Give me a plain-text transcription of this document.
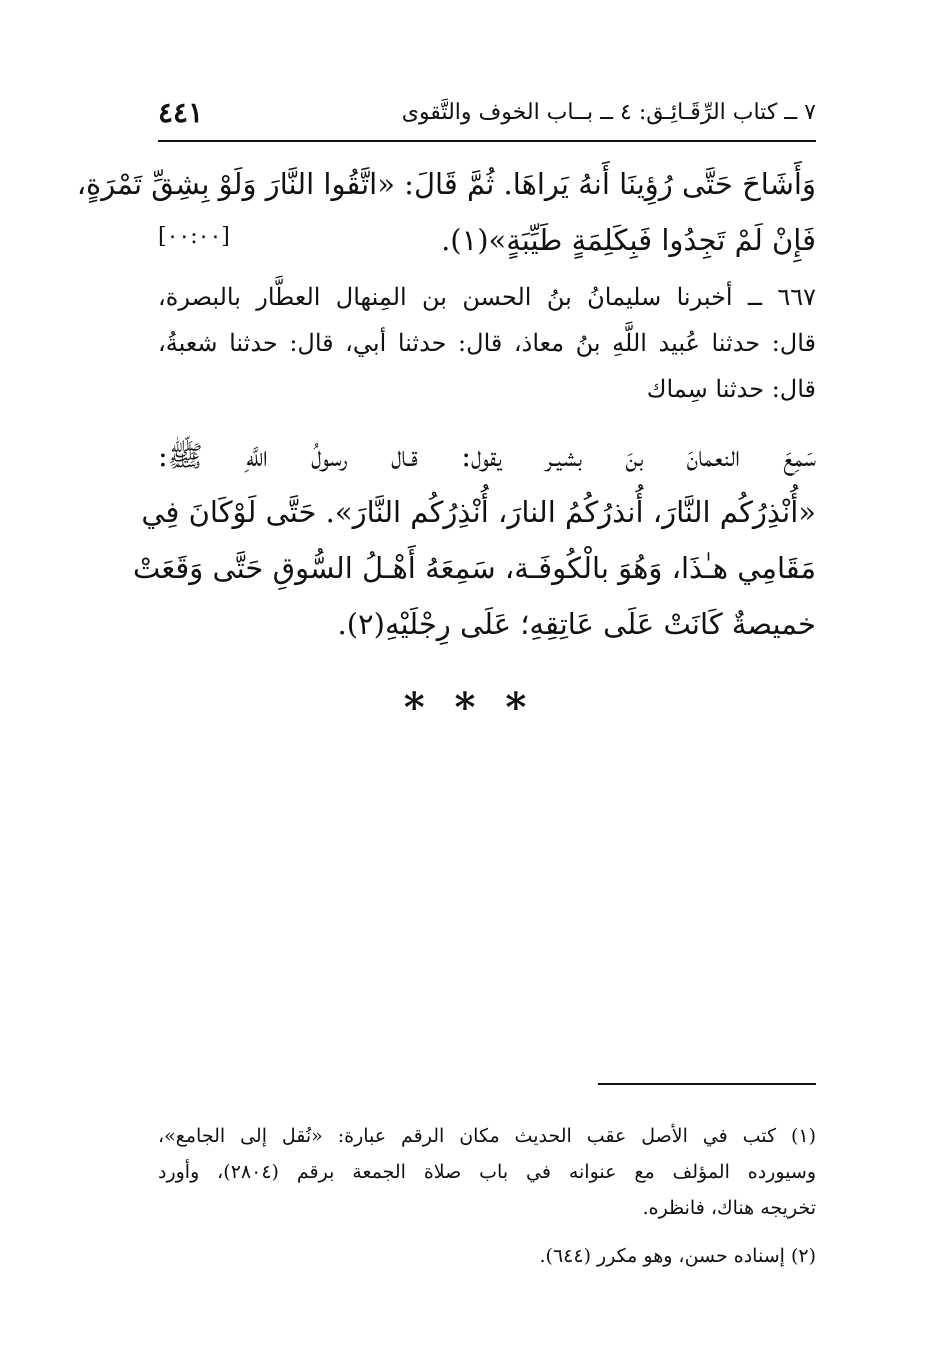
٧ ــ كتاب الرِّقَـائِـق: ٤ ــ بــاب الخوف والتَّقوى
٤٤١
وَأَشَاحَ حَتَّى رُؤِينَا أَنهُ يَراهَا. ثُمَّ قَالَ: «اتَّقُوا النَّارَ وَلَوْ بِشِقِّ تَمْرَةٍ،
فَإِنْ لَمْ تَجِدُوا فَبِكَلِمَةٍ طَيِّبَةٍ»(١).
[٠٠:٠٠]
٦٦٧ ــ أخبرنا سليمانُ بنُ الحسن بن المِنهال العطَّار بالبصرة،
قال: حدثنا عُبيد اللَّهِ بنُ معاذ، قال: حدثنا أبي، قال: حدثنا شعبةُ،
قال: حدثنا سِماك
سَمِعَ النعمانَ بنَ بشيـر يقول: قـال رسولُ اللَّهِ ﷺ:
«أُنْذِرُكُم النَّارَ، أُنذرُكُمُ النارَ، أُنْذِرُكُم النَّارَ». حَتَّى لَوْكَانَ فِي
مَقَامِي هـٰذَا، وَهُوَ بالْكُوفَـة، سَمِعَهُ أَهْـلُ السُّوقِ حَتَّى وَقَعَتْ
خميصةٌ كَانَتْ عَلَى عَاتِقِهِ؛ عَلَى رِجْلَيْهِ(٢).
* * *
(١) كتب في الأصل عقب الحديث مكان الرقم عبارة: «نُقل إلى الجامع»،
وسيورده المؤلف مع عنوانه في باب صلاة الجمعة برقم (٢٨٠٤)، وأورد
تخريجه هناك، فانظره.
(٢) إسناده حسن، وهو مكرر (٦٤٤).
